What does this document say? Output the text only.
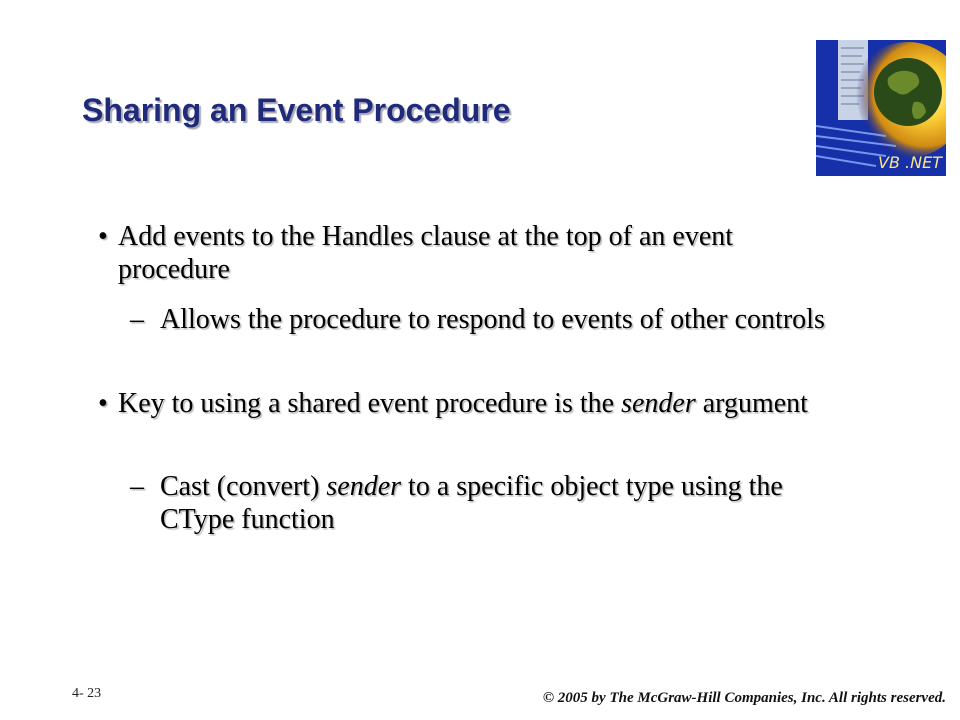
Sharing an Event Procedure
VB .NET
• Add events to the Handles clause at the top of an event procedure
– Allows the procedure to respond to events of other controls
• Key to using a shared event procedure is the sender argument
– Cast (convert) sender to a specific object type using the CType function
4- 23	© 2005 by The McGraw-Hill Companies, Inc. All rights reserved.
